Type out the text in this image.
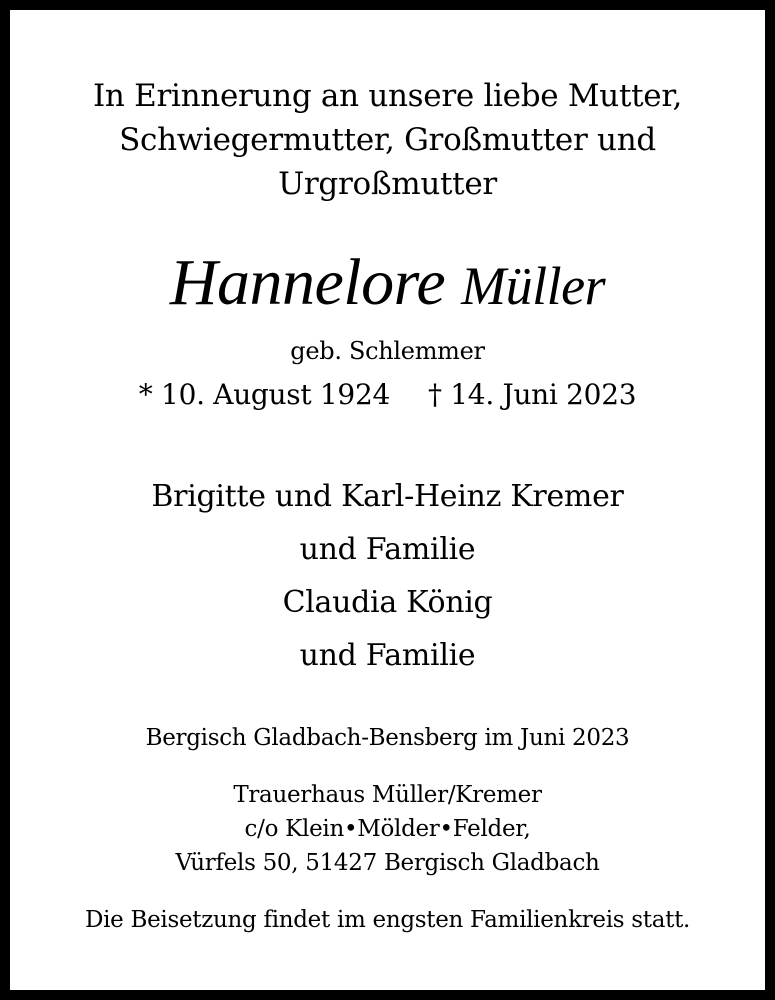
In Erinnerung an unsere liebe Mutter,
Schwiegermutter, Großmutter und
Urgroßmutter
Hannelore Müller
geb. Schlemmer
* 10. August 1924 † 14. Juni 2023
Brigitte und Karl-Heinz Kremer
und Familie
Claudia König
und Familie
Bergisch Gladbach-Bensberg im Juni 2023
Trauerhaus Müller/Kremer
c/o Klein•Mölder•Felder,
Vürfels 50, 51427 Bergisch Gladbach
Die Beisetzung findet im engsten Familienkreis statt.
